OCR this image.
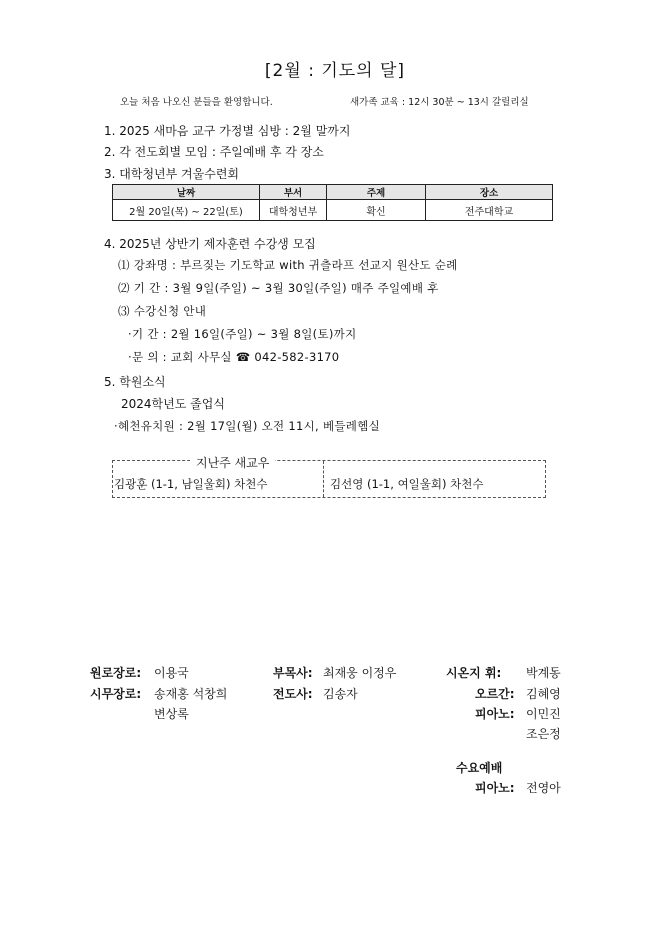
[2월 : 기도의 달]
오늘 처음 나오신 분들을 환영합니다.	새가족 교육 : 12시 30분 ~ 13시 갈릴리실
1. 2025 새마음 교구 가정별 심방 : 2월 말까지
2. 각 전도회별 모임 : 주일예배 후 각 장소
3. 대학청년부 겨울수련회
날짜	부서	주제	장소
2월 20일(목) ~ 22일(토)	대학청년부	확신	전주대학교
4. 2025년 상반기 제자훈련 수강생 모집
⑴ 강좌명 : 부르짖는 기도학교 with 귀츨라프 선교지 원산도 순례
⑵ 기 간 : 3월 9일(주일) ~ 3월 30일(주일) 매주 주일예배 후
⑶ 수강신청 안내
·기 간 : 2월 16일(주일) ~ 3월 8일(토)까지
·문 의 : 교회 사무실 ☎ 042-582-3170
5. 학원소식
2024학년도 졸업식
·혜천유치원 : 2월 17일(월) 오전 11시, 베들레헴실
지난주 새교우
김광훈 (1-1, 남일울회) 차천수	김선영 (1-1, 여일울회) 차천수
원로장로: 이용국
시무장로: 송재홍 석창희
변상록
부목사: 최재웅 이정우
전도사: 김송자
시온지 휘: 박계동
오르간: 김혜영
피아노: 이민진
조은정
수요예배
피아노: 전영아
